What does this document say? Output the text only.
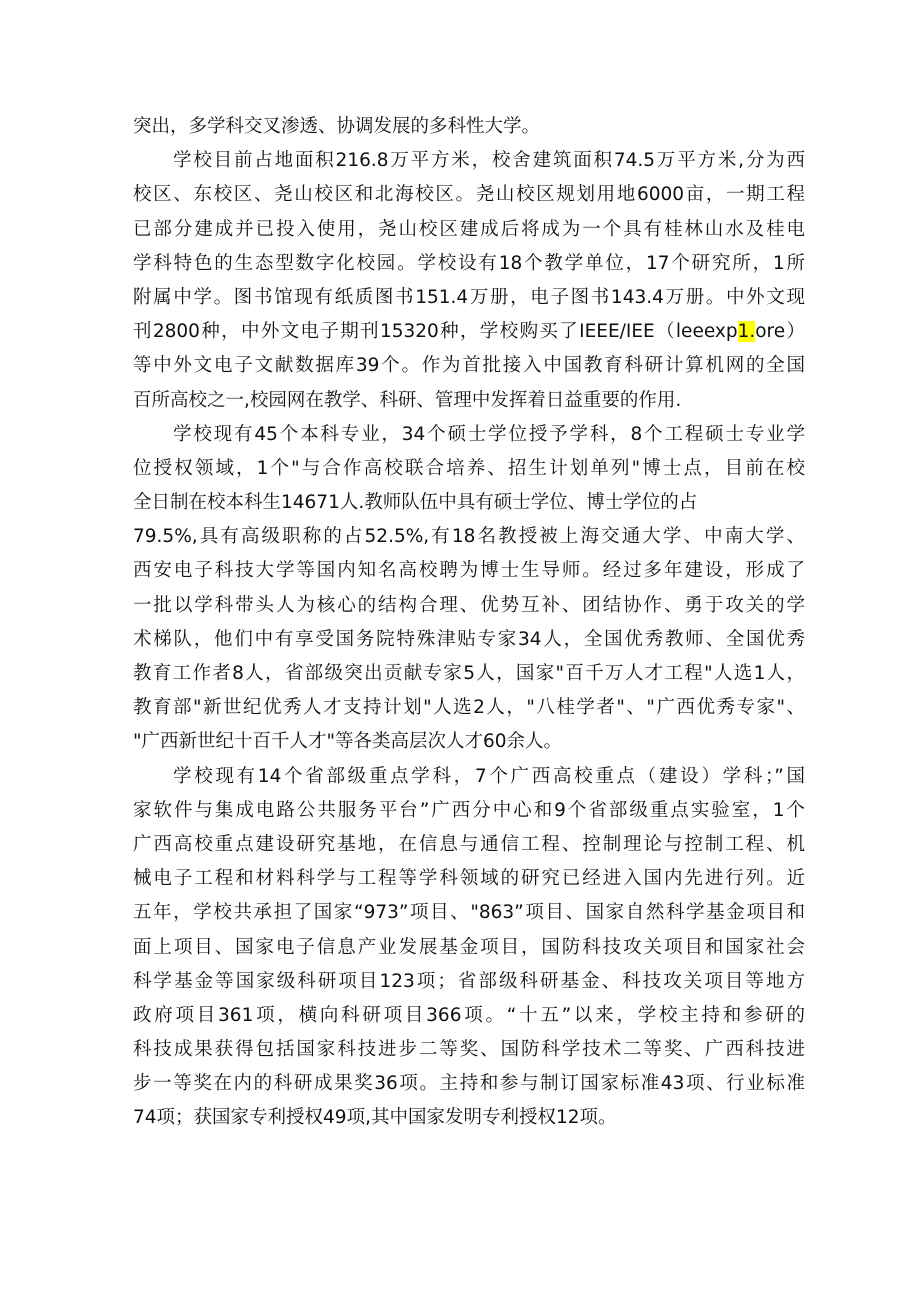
突出，多学科交叉渗透、协调发展的多科性大学。
学校目前占地面积216.8万平方米，校舍建筑面积74.5万平方米,分为西
校区、东校区、尧山校区和北海校区。尧山校区规划用地6000亩，一期工程
已部分建成并已投入使用，尧山校区建成后将成为一个具有桂林山水及桂电
学科特色的生态型数字化校园。学校设有18个教学单位，17个研究所，1所
附属中学。图书馆现有纸质图书151.4万册，电子图书143.4万册。中外文现
刊2800种，中外文电子期刊15320种，学校购买了IEEE/IEE（leeexp1.ore）
等中外文电子文献数据库39个。作为首批接入中国教育科研计算机网的全国
百所高校之一,校园网在教学、科研、管理中发挥着日益重要的作用.
学校现有45个本科专业，34个硕士学位授予学科，8个工程硕士专业学
位授权领域，1个"与合作高校联合培养、招生计划单列"博士点，目前在校
全日制在校本科生14671人.教师队伍中具有硕士学位、博士学位的占
79.5%,具有高级职称的占52.5%,有18名教授被上海交通大学、中南大学、
西安电子科技大学等国内知名高校聘为博士生导师。经过多年建设，形成了
一批以学科带头人为核心的结构合理、优势互补、团结协作、勇于攻关的学
术梯队，他们中有享受国务院特殊津贴专家34人，全国优秀教师、全国优秀
教育工作者8人，省部级突出贡献专家5人，国家"百千万人才工程"人选1人，
教育部"新世纪优秀人才支持计划"人选2人，"八桂学者"、"广西优秀专家"、
"广西新世纪十百千人才"等各类高层次人才60余人。
学校现有14个省部级重点学科，7个广西高校重点（建设）学科；”国
家软件与集成电路公共服务平台”广西分中心和9个省部级重点实验室，1个
广西高校重点建设研究基地，在信息与通信工程、控制理论与控制工程、机
械电子工程和材料科学与工程等学科领域的研究已经进入国内先进行列。近
五年，学校共承担了国家“973”项目、"863”项目、国家自然科学基金项目和
面上项目、国家电子信息产业发展基金项目，国防科技攻关项目和国家社会
科学基金等国家级科研项目123项；省部级科研基金、科技攻关项目等地方
政府项目361项，横向科研项目366项。“十五”以来，学校主持和参研的
科技成果获得包括国家科技进步二等奖、国防科学技术二等奖、广西科技进
步一等奖在内的科研成果奖36项。主持和参与制订国家标准43项、行业标准
74项；获国家专利授权49项,其中国家发明专利授权12项。
